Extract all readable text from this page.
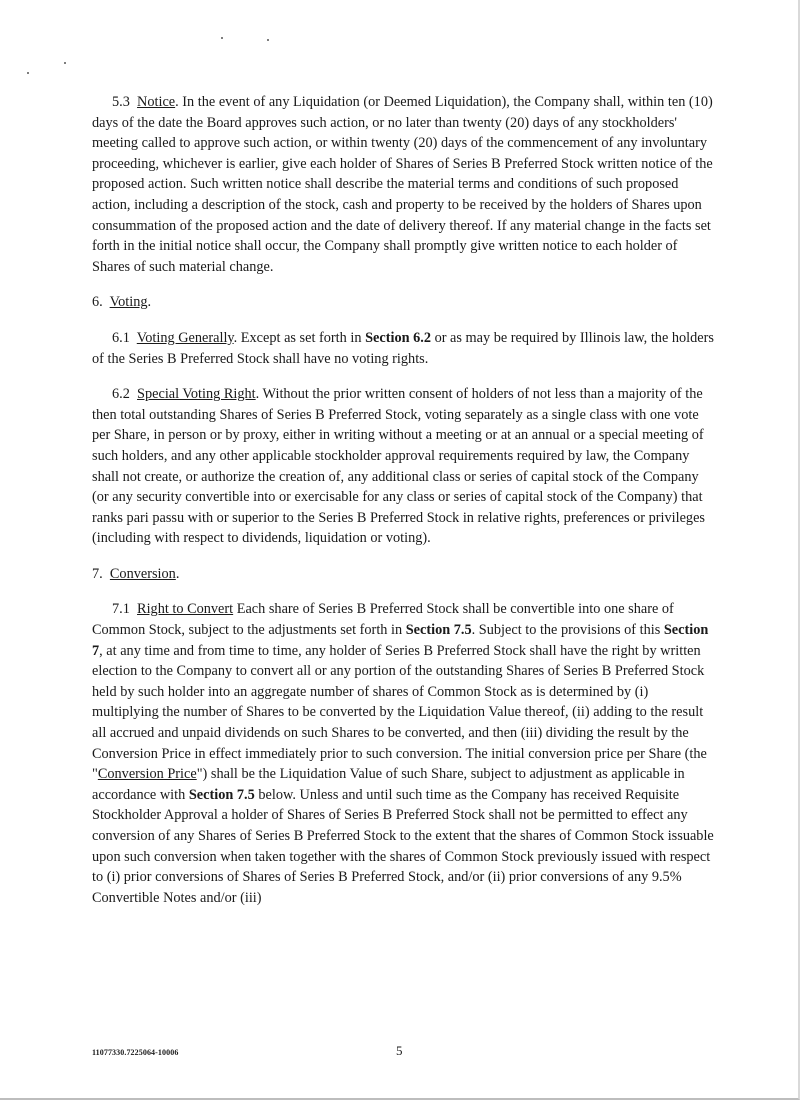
5.3 Notice. In the event of any Liquidation (or Deemed Liquidation), the Company shall, within ten (10) days of the date the Board approves such action, or no later than twenty (20) days of any stockholders' meeting called to approve such action, or within twenty (20) days of the commencement of any involuntary proceeding, whichever is earlier, give each holder of Shares of Series B Preferred Stock written notice of the proposed action. Such written notice shall describe the material terms and conditions of such proposed action, including a description of the stock, cash and property to be received by the holders of Shares upon consummation of the proposed action and the date of delivery thereof. If any material change in the facts set forth in the initial notice shall occur, the Company shall promptly give written notice to each holder of Shares of such material change.

6. Voting.

6.1 Voting Generally. Except as set forth in Section 6.2 or as may be required by Illinois law, the holders of the Series B Preferred Stock shall have no voting rights.

6.2 Special Voting Right. Without the prior written consent of holders of not less than a majority of the then total outstanding Shares of Series B Preferred Stock, voting separately as a single class with one vote per Share, in person or by proxy, either in writing without a meeting or at an annual or a special meeting of such holders, and any other applicable stockholder approval requirements required by law, the Company shall not create, or authorize the creation of, any additional class or series of capital stock of the Company (or any security convertible into or exercisable for any class or series of capital stock of the Company) that ranks pari passu with or superior to the Series B Preferred Stock in relative rights, preferences or privileges (including with respect to dividends, liquidation or voting).

7. Conversion.

7.1 Right to Convert Each share of Series B Preferred Stock shall be convertible into one share of Common Stock, subject to the adjustments set forth in Section 7.5. Subject to the provisions of this Section 7, at any time and from time to time, any holder of Series B Preferred Stock shall have the right by written election to the Company to convert all or any portion of the outstanding Shares of Series B Preferred Stock held by such holder into an aggregate number of shares of Common Stock as is determined by (i) multiplying the number of Shares to be converted by the Liquidation Value thereof, (ii) adding to the result all accrued and unpaid dividends on such Shares to be converted, and then (iii) dividing the result by the Conversion Price in effect immediately prior to such conversion. The initial conversion price per Share (the "Conversion Price") shall be the Liquidation Value of such Share, subject to adjustment as applicable in accordance with Section 7.5 below. Unless and until such time as the Company has received Requisite Stockholder Approval a holder of Shares of Series B Preferred Stock shall not be permitted to effect any conversion of any Shares of Series B Preferred Stock to the extent that the shares of Common Stock issuable upon such conversion when taken together with the shares of Common Stock previously issued with respect to (i) prior conversions of Shares of Series B Preferred Stock, and/or (ii) prior conversions of any 9.5% Convertible Notes and/or (iii)

11077330.7225064-10006	5
